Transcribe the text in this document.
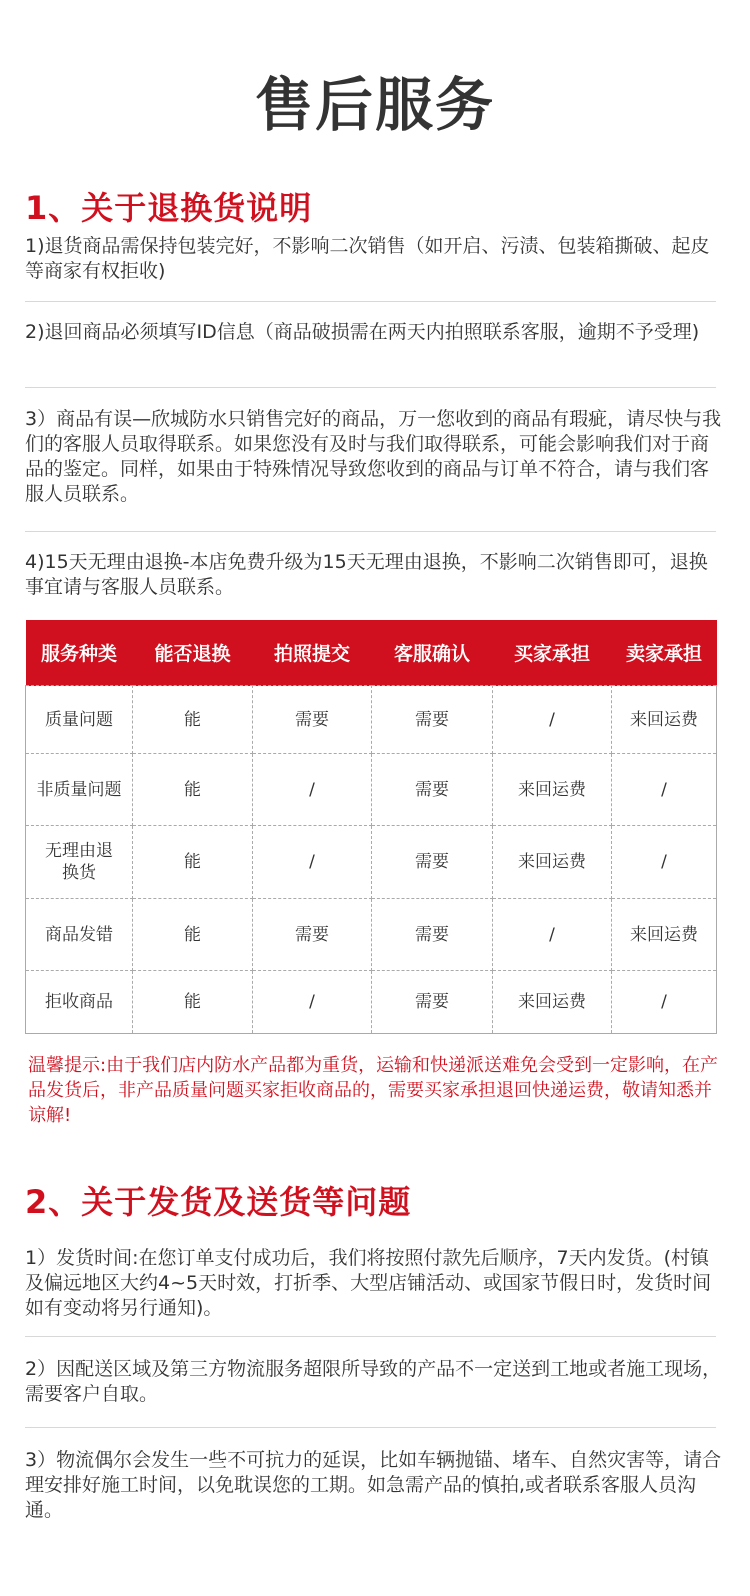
售后服务
1、关于退换货说明
1)退货商品需保持包装完好，不影响二次销售（如开启、污渍、包装箱撕破、起皮等商家有权拒收)
2)退回商品必须填写ID信息（商品破损需在两天内拍照联系客服，逾期不予受理)
3）商品有误—欣城防水只销售完好的商品，万一您收到的商品有瑕疵，请尽快与我们的客服人员取得联系。如果您没有及时与我们取得联系，可能会影响我们对于商品的鉴定。同样，如果由于特殊情况导致您收到的商品与订单不符合，请与我们客服人员联系。
4)15天无理由退换-本店免费升级为15天无理由退换，不影响二次销售即可，退换事宜请与客服人员联系。
服务种类	能否退换	拍照提交	客服确认	买家承担	卖家承担
质量问题	能	需要	需要	/	来回运费
非质量问题	能	/	需要	来回运费	/
无理由退换货	能	/	需要	来回运费	/
商品发错	能	需要	需要	/	来回运费
拒收商品	能	/	需要	来回运费	/
温馨提示:由于我们店内防水产品都为重货，运输和快递派送难免会受到一定影响，在产品发货后，非产品质量问题买家拒收商品的，需要买家承担退回快递运费，敬请知悉并谅解!
2、关于发货及送货等问题
1）发货时间:在您订单支付成功后，我们将按照付款先后顺序，7天内发货。(村镇及偏远地区大约4~5天时效，打折季、大型店铺活动、或国家节假日时，发货时间如有变动将另行通知)。
2）因配送区域及第三方物流服务超限所导致的产品不一定送到工地或者施工现场，需要客户自取。
3）物流偶尔会发生一些不可抗力的延误，比如车辆抛锚、堵车、自然灾害等，请合理安排好施工时间，以免耽误您的工期。如急需产品的慎拍,或者联系客服人员沟通。
